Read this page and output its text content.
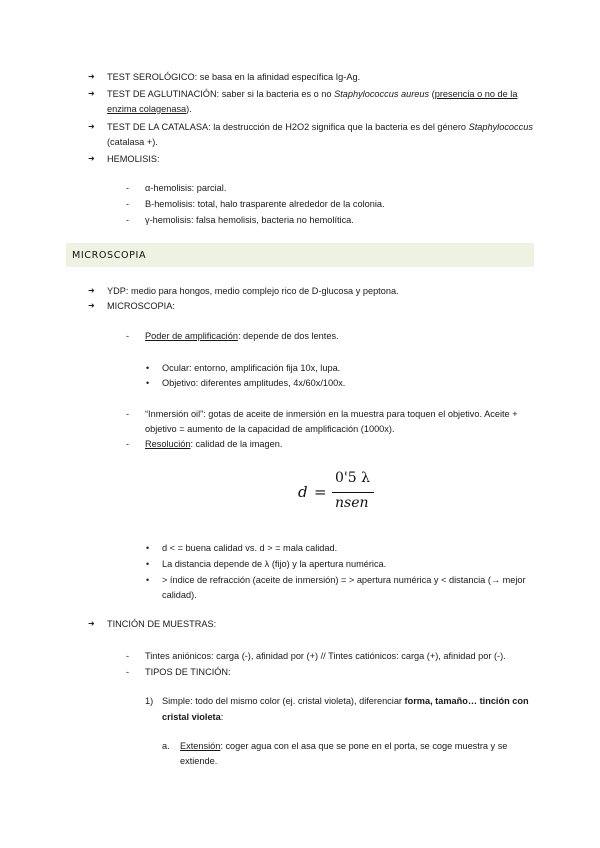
➜ TEST SEROLÓGICO: se basa en la afinidad específica Ig-Ag.
➜ TEST DE AGLUTINACIÓN: saber si la bacteria es o no Staphylococcus aureus (presencia o no de la
enzima colagenasa).
➜ TEST DE LA CATALASA: la destrucción de H2O2 significa que la bacteria es del género Staphylococcus
(catalasa +).
➜ HEMOLISIS:
- α-hemolisis: parcial.
- Β-hemolisis: total, halo trasparente alrededor de la colonia.
- γ-hemolisis: falsa hemolisis, bacteria no hemolítica.
MICROSCOPIA
➜ YDP: medio para hongos, medio complejo rico de D-glucosa y peptona.
➜ MICROSCOPIA:
- Poder de amplificación: depende de dos lentes.
• Ocular: entorno, amplificación fija 10x, lupa.
• Objetivo: diferentes amplitudes, 4x/60x/100x.
- “Inmersión oil”: gotas de aceite de inmersión en la muestra para toquen el objetivo. Aceite +
objetivo = aumento de la capacidad de amplificación (1000x).
- Resolución: calidad de la imagen.
d =
0'5 λ
nsen
• d < = buena calidad vs. d > = mala calidad.
• La distancia depende de λ (fijo) y la apertura numérica.
• > índice de refracción (aceite de inmersión) = > apertura numérica y < distancia (→ mejor
calidad).
➜ TINCIÓN DE MUESTRAS:
- Tintes aniónicos: carga (-), afinidad por (+) // Tintes catiónicos: carga (+), afinidad por (-).
- TIPOS DE TINCIÓN:
1) Simple: todo del mismo color (ej. cristal violeta), diferenciar forma, tamaño… tinción con
cristal violeta:
a. Extensión: coger agua con el asa que se pone en el porta, se coge muestra y se
extiende.
